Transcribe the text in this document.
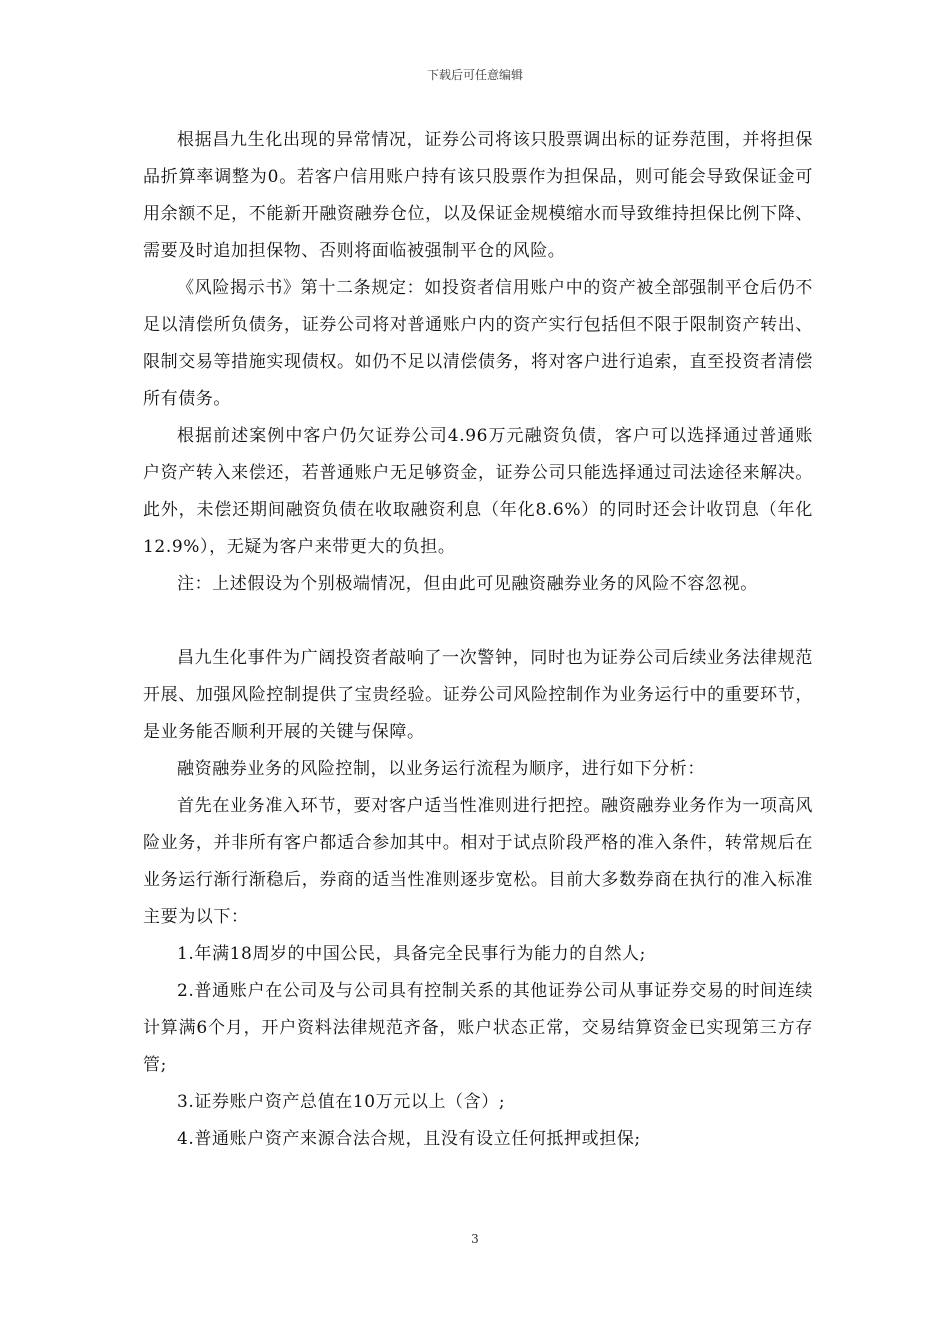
下载后可任意编辑

根据昌九生化出现的异常情况，证券公司将该只股票调出标的证券范围，并将担保品折算率调整为0。若客户信用账户持有该只股票作为担保品，则可能会导致保证金可用余额不足，不能新开融资融券仓位，以及保证金规模缩水而导致维持担保比例下降、需要及时追加担保物、否则将面临被强制平仓的风险。

《风险揭示书》第十二条规定：如投资者信用账户中的资产被全部强制平仓后仍不足以清偿所负债务，证券公司将对普通账户内的资产实行包括但不限于限制资产转出、限制交易等措施实现债权。如仍不足以清偿债务，将对客户进行追索，直至投资者清偿所有债务。

根据前述案例中客户仍欠证券公司4.96万元融资负债，客户可以选择通过普通账户资产转入来偿还，若普通账户无足够资金，证券公司只能选择通过司法途径来解决。此外，未偿还期间融资负债在收取融资利息（年化8.6%）的同时还会计收罚息（年化12.9%），无疑为客户来带更大的负担。

注：上述假设为个别极端情况，但由此可见融资融券业务的风险不容忽视。

昌九生化事件为广阔投资者敲响了一次警钟，同时也为证券公司后续业务法律规范开展、加强风险控制提供了宝贵经验。证券公司风险控制作为业务运行中的重要环节，是业务能否顺利开展的关键与保障。

融资融券业务的风险控制，以业务运行流程为顺序，进行如下分析：

首先在业务准入环节，要对客户适当性准则进行把控。融资融券业务作为一项高风险业务，并非所有客户都适合参加其中。相对于试点阶段严格的准入条件，转常规后在业务运行渐行渐稳后，券商的适当性准则逐步宽松。目前大多数券商在执行的准入标准主要为以下：

1.年满18周岁的中国公民，具备完全民事行为能力的自然人;

2.普通账户在公司及与公司具有控制关系的其他证券公司从事证券交易的时间连续计算满6个月，开户资料法律规范齐备，账户状态正常，交易结算资金已实现第三方存管;

3.证券账户资产总值在10万元以上（含）;

4.普通账户资产来源合法合规，且没有设立任何抵押或担保;

3
